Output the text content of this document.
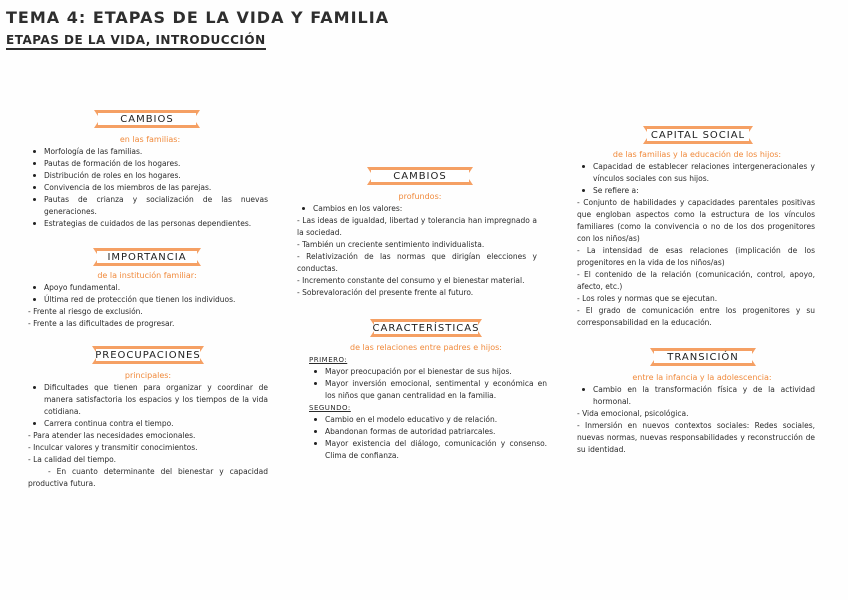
TEMA 4: ETAPAS DE LA VIDA Y FAMILIA
ETAPAS DE LA VIDA, INTRODUCCIÓN
CAMBIOS
en las familias:
Morfología de las familias.
Pautas de formación de los hogares.
Distribución de roles en los hogares.
Convivencia de los miembros de las parejas.
Pautas de crianza y socialización de las nuevas generaciones.
Estrategias de cuidados de las personas dependientes.
IMPORTANCIA
de la institución familiar:
Apoyo fundamental.
Última red de protección que tienen los individuos.
- Frente al riesgo de exclusión.
- Frente a las dificultades de progresar.
PREOCUPACIONES
principales:
Dificultades que tienen para organizar y coordinar de manera satisfactoria los espacios y los tiempos de la vida cotidiana.
Carrera continua contra el tiempo.
- Para atender las necesidades emocionales.
- Inculcar valores y transmitir conocimientos.
- La calidad del tiempo.
- En cuanto determinante del bienestar y capacidad productiva futura.
CAMBIOS
profundos:
Cambios en los valores:
- Las ideas de igualdad, libertad y tolerancia han impregnado a la sociedad.
- También un creciente sentimiento individualista.
- Relativización de las normas que dirigían elecciones y conductas.
- Incremento constante del consumo y el bienestar material.
- Sobrevaloración del presente frente al futuro.
CARACTERÍSTICAS
de las relaciones entre padres e hijos:
PRIMERO:
Mayor preocupación por el bienestar de sus hijos.
Mayor inversión emocional, sentimental y económica en los niños que ganan centralidad en la familia.
SEGUNDO:
Cambio en el modelo educativo y de relación.
Abandonan formas de autoridad patriarcales.
Mayor existencia del diálogo, comunicación y consenso. Clima de confianza.
CAPITAL SOCIAL
de las familias y la educación de los hijos:
Capacidad de establecer relaciones intergeneracionales y vínculos sociales con sus hijos.
Se refiere a:
- Conjunto de habilidades y capacidades parentales positivas que engloban aspectos como la estructura de los vínculos familiares (como la convivencia o no de los dos progenitores con los niños/as)
- La intensidad de esas relaciones (implicación de los progenitores en la vida de los niños/as)
- El contenido de la relación (comunicación, control, apoyo, afecto, etc.)
- Los roles y normas que se ejecutan.
- El grado de comunicación entre los progenitores y su corresponsabilidad en la educación.
TRANSICIÓN
entre la infancia y la adolescencia:
Cambio en la transformación física y de la actividad hormonal.
- Vida emocional, psicológica.
- Inmersión en nuevos contextos sociales: Redes sociales, nuevas normas, nuevas responsabilidades y reconstrucción de su identidad.
